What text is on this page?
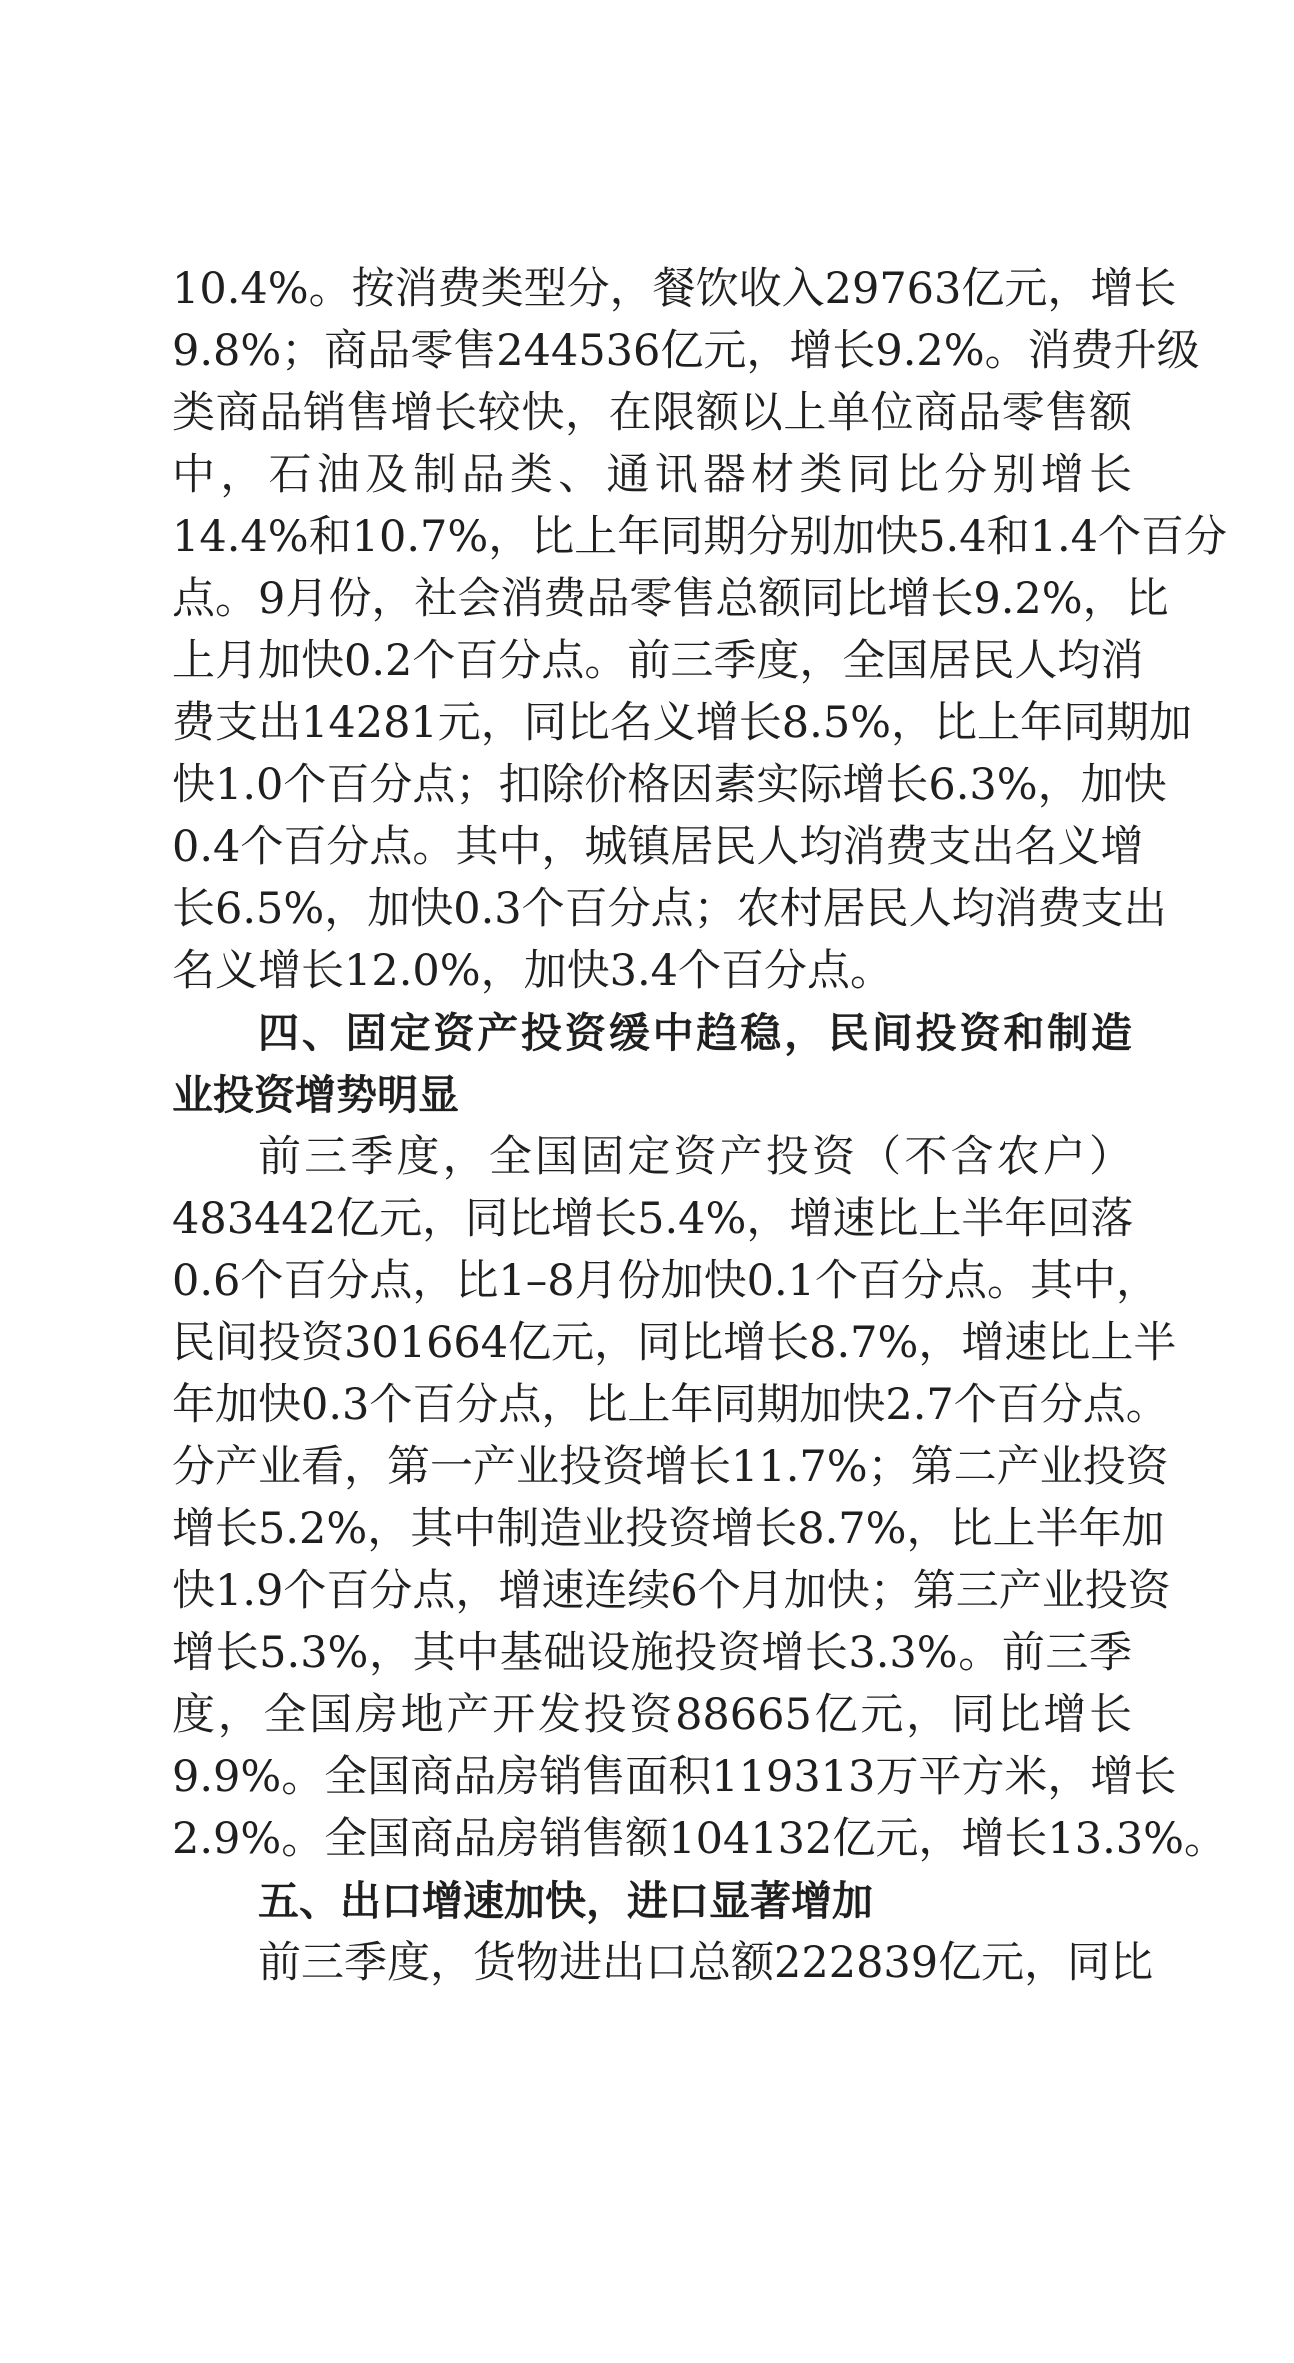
10.4%。按消费类型分，餐饮收入29763亿元，增长
9.8%；商品零售244536亿元，增长9.2%。消费升级
类商品销售增长较快，在限额以上单位商品零售额
中，石油及制品类、通讯器材类同比分别增长
14.4%和10.7%，比上年同期分别加快5.4和1.4个百分
点。9月份，社会消费品零售总额同比增长9.2%，比
上月加快0.2个百分点。前三季度，全国居民人均消
费支出14281元，同比名义增长8.5%，比上年同期加
快1.0个百分点；扣除价格因素实际增长6.3%，加快
0.4个百分点。其中，城镇居民人均消费支出名义增
长6.5%，加快0.3个百分点；农村居民人均消费支出
名义增长12.0%，加快3.4个百分点。
四、固定资产投资缓中趋稳，民间投资和制造
业投资增势明显
前三季度，全国固定资产投资（不含农户）
483442亿元，同比增长5.4%，增速比上半年回落
0.6个百分点，比1–8月份加快0.1个百分点。其中，
民间投资301664亿元，同比增长8.7%，增速比上半
年加快0.3个百分点，比上年同期加快2.7个百分点。
分产业看，第一产业投资增长11.7%；第二产业投资
增长5.2%，其中制造业投资增长8.7%，比上半年加
快1.9个百分点，增速连续6个月加快；第三产业投资
增长5.3%，其中基础设施投资增长3.3%。前三季
度，全国房地产开发投资88665亿元，同比增长
9.9%。全国商品房销售面积119313万平方米，增长
2.9%。全国商品房销售额104132亿元，增长13.3%。
五、出口增速加快，进口显著增加
前三季度，货物进出口总额222839亿元，同比
